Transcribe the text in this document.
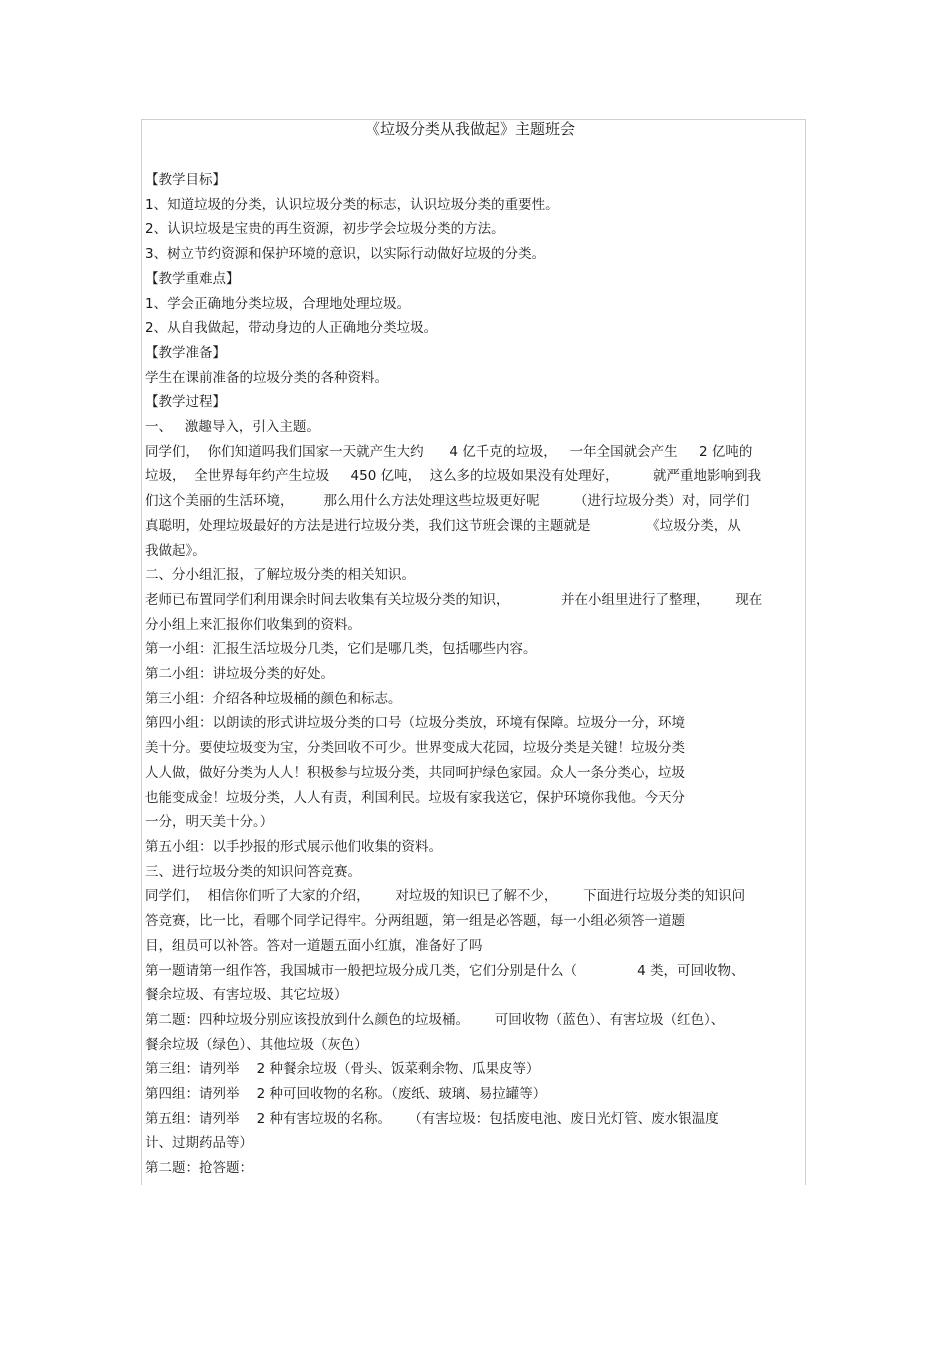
《垃圾分类从我做起》主题班会

【教学目标】

1、知道垃圾的分类，认识垃圾分类的标志，认识垃圾分类的重要性。

2、认识垃圾是宝贵的再生资源，初步学会垃圾分类的方法。

3、树立节约资源和保护环境的意识，以实际行动做好垃圾的分类。

【教学重难点】

1、学会正确地分类垃圾，合理地处理垃圾。

2、从自我做起，带动身边的人正确地分类垃圾。

【教学准备】

学生在课前准备的垃圾分类的各种资料。

【教学过程】

一、   激趣导入，引入主题。

同学们，  你们知道吗我们国家一天就产生大约      4 亿千克的垃圾，   一年全国就会产生     2 亿吨的

垃圾，  全世界每年约产生垃圾     450 亿吨，  这么多的垃圾如果没有处理好，        就严重地影响到我

们这个美丽的生活环境，       那么用什么方法处理这些垃圾更好呢        （进行垃圾分类）对，同学们

真聪明，处理垃圾最好的方法是进行垃圾分类，我们这节班会课的主题就是             《垃圾分类，从

我做起》。

二、分小组汇报，了解垃圾分类的相关知识。

老师已布置同学们利用课余时间去收集有关垃圾分类的知识，            并在小组里进行了整理，      现在

分小组上来汇报你们收集到的资料。

第一小组：汇报生活垃圾分几类，它们是哪几类，包括哪些内容。

第二小组：讲垃圾分类的好处。

第三小组：介绍各种垃圾桶的颜色和标志。

第四小组：以朗读的形式讲垃圾分类的口号（垃圾分类放，环境有保障。垃圾分一分，环境

美十分。要使垃圾变为宝，分类回收不可少。世界变成大花园，垃圾分类是关键！垃圾分类

人人做，做好分类为人人！积极参与垃圾分类，共同呵护绿色家园。众人一条分类心，垃圾

也能变成金！垃圾分类，人人有责，利国利民。垃圾有家我送它，保护环境你我他。今天分

一分，明天美十分。）

第五小组：以手抄报的形式展示他们收集的资料。

三、进行垃圾分类的知识问答竞赛。

同学们，  相信你们听了大家的介绍，      对垃圾的知识已了解不少，      下面进行垃圾分类的知识问

答竞赛，比一比，看哪个同学记得牢。分两组题，第一组是必答题，每一小组必须答一道题

目，组员可以补答。答对一道题五面小红旗，准备好了吗

第一题请第一组作答，我国城市一般把垃圾分成几类，它们分别是什么（              4 类，可回收物、

餐余垃圾、有害垃圾、其它垃圾）

第二题：四种垃圾分别应该投放到什么颜色的垃圾桶。      可回收物（蓝色）、有害垃圾（红色）、

餐余垃圾（绿色）、其他垃圾（灰色）

第三组：请列举    2 种餐余垃圾（骨头、饭菜剩余物、瓜果皮等）

第四组：请列举    2 种可回收物的名称。（废纸、玻璃、易拉罐等）

第五组：请列举    2 种有害垃圾的名称。    （有害垃圾：包括废电池、废日光灯管、废水银温度

计、过期药品等）

第二题：抢答题：
